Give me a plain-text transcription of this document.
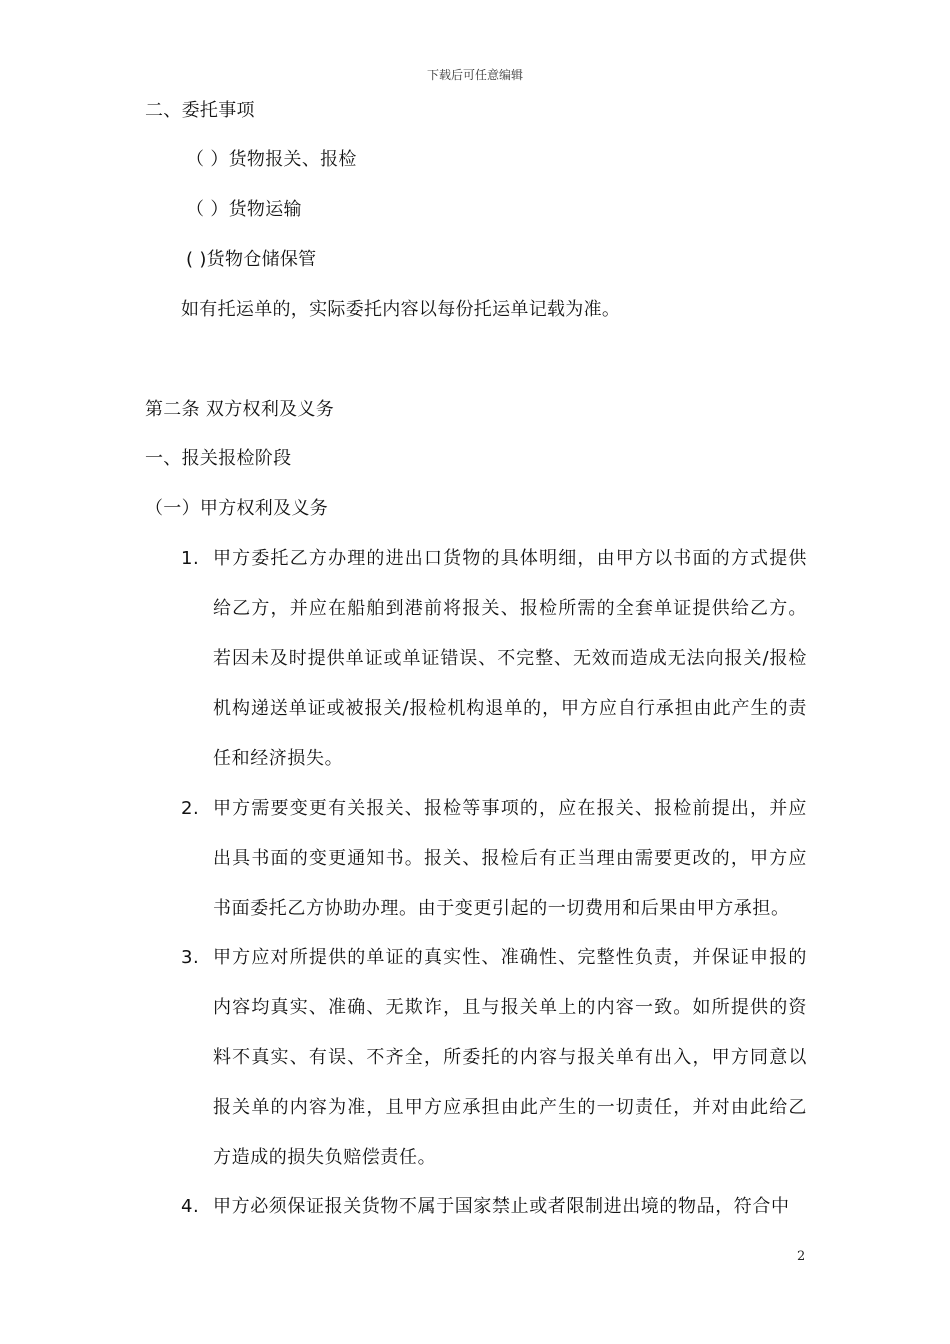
下载后可任意编辑
二、委托事项
（ ）货物报关、报检
（ ）货物运输
( )货物仓储保管
如有托运单的，实际委托内容以每份托运单记载为准。
第二条 双方权利及义务
一、报关报检阶段
（一）甲方权利及义务
1. 甲方委托乙方办理的进出口货物的具体明细，由甲方以书面的方式提供给乙方，并应在船舶到港前将报关、报检所需的全套单证提供给乙方。若因未及时提供单证或单证错误、不完整、无效而造成无法向报关/报检机构递送单证或被报关/报检机构退单的，甲方应自行承担由此产生的责任和经济损失。
2. 甲方需要变更有关报关、报检等事项的，应在报关、报检前提出，并应出具书面的变更通知书。报关、报检后有正当理由需要更改的，甲方应书面委托乙方协助办理。由于变更引起的一切费用和后果由甲方承担。
3. 甲方应对所提供的单证的真实性、准确性、完整性负责，并保证申报的内容均真实、准确、无欺诈，且与报关单上的内容一致。如所提供的资料不真实、有误、不齐全，所委托的内容与报关单有出入，甲方同意以报关单的内容为准，且甲方应承担由此产生的一切责任，并对由此给乙方造成的损失负赔偿责任。
4. 甲方必须保证报关货物不属于国家禁止或者限制进出境的物品，符合中
2
